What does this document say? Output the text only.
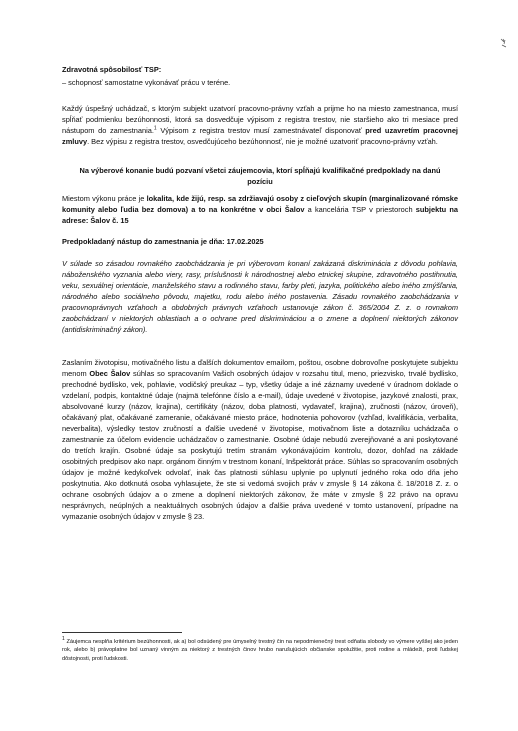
Zdravotná spôsobilosť TSP:

– schopnosť samostatne vykonávať prácu v teréne.

Každý úspešný uchádzač, s ktorým subjekt uzatvorí pracovno-právny vzťah a prijme ho na miesto zamestnanca, musí spĺňať podmienku bezúhonnosti, ktorá sa dosvedčuje výpisom z registra trestov, nie staršieho ako tri mesiace pred nástupom do zamestnania.$^1$ Výpisom z registra trestov musí zamestnávateľ disponovať pred uzavretím pracovnej zmluvy. Bez výpisu z registra trestov, osvedčujúceho bezúhonnosť, nie je možné uzatvoriť pracovno-právny vzťah.

Na výberové konanie budú pozvaní všetci záujemcovia, ktorí spĺňajú kvalifikačné predpoklady na danú pozíciu

Miestom výkonu práce je lokalita, kde žijú, resp. sa zdržiavajú osoby z cieľových skupín (marginalizované rómske komunity alebo ľudia bez domova) a to na konkrétne v obci Šalov a kancelária TSP v priestoroch subjektu na adrese: Šalov č. 15

Predpokladaný nástup do zamestnania je dňa: 17.02.2025

V súlade so zásadou rovnakého zaobchádzania je pri výberovom konaní zakázaná diskriminácia z dôvodu pohlavia, náboženského vyznania alebo viery, rasy, príslušnosti k národnostnej alebo etnickej skupine, zdravotného postihnutia, veku, sexuálnej orientácie, manželského stavu a rodinného stavu, farby pleti, jazyka, politického alebo iného zmýšľania, národného alebo sociálneho pôvodu, majetku, rodu alebo iného postavenia. Zásadu rovnakého zaobchádzania v pracovnoprávnych vzťahoch a obdobných právnych vzťahoch ustanovuje zákon č. 365/2004 Z. z. o rovnakom zaobchádzaní v niektorých oblastiach a o ochrane pred diskrimináciou a o zmene a doplnení niektorých zákonov (antidiskriminačný zákon).

Zaslaním životopisu, motivačného listu a ďalších dokumentov emailom, poštou, osobne dobrovoľne poskytujete subjektu menom Obec Šalov súhlas so spracovaním Vašich osobných údajov v rozsahu titul, meno, priezvisko, trvalé bydlisko, prechodné bydlisko, vek, pohlavie, vodičský preukaz – typ, všetky údaje a iné záznamy uvedené v úradnom doklade o vzdelaní, podpis, kontaktné údaje (najmä telefónne číslo a e-mail), údaje uvedené v životopise, jazykové znalosti, prax, absolvované kurzy (názov, krajina), certifikáty (názov, doba platnosti, vydavateľ, krajina), zručnosti (názov, úroveň), očakávaný plat, očakávané zameranie, očakávané miesto práce, hodnotenia pohovorov (vzhľad, kvalifikácia, verbalita, neverbalita), výsledky testov zručností a ďalšie uvedené v životopise, motivačnom liste a dotazníku uchádzača o zamestnanie za účelom evidencie uchádzačov o zamestnanie. Osobné údaje nebudú zverejňované a ani poskytované do tretích krajín. Osobné údaje sa poskytujú tretím stranám vykonávajúcim kontrolu, dozor, dohľad na základe osobitných predpisov ako napr. orgánom činným v trestnom konaní, Inšpektorát práce. Súhlas so spracovaním osobných údajov je možné kedykoľvek odvolať, inak čas platnosti súhlasu uplynie po uplynutí jedného roka odo dňa jeho poskytnutia. Ako dotknutá osoba vyhlasujete, že ste si vedomá svojich práv v zmysle § 14 zákona č. 18/2018 Z. z. o ochrane osobných údajov a o zmene a doplnení niektorých zákonov, že máte v zmysle § 22 právo na opravu nesprávnych, neúplných a neaktuálnych osobných údajov a ďalšie práva uvedené v tomto ustanovení, prípadne na vymazanie osobných údajov v zmysle § 23.

$^1$ Záujemca nesplňa kritérium bezúhonnosti, ak a) bol odsúdený pre úmyselný trestný čin na nepodmienečný trest odňatia slobody vo výmere vyššej ako jeden rok, alebo b) právoplatne bol uznaný vinným za niektorý z trestných činov hrubo narušujúcich občianske spolužitie, proti rodine a mládeži, proti ľudskej dôstojnosti, proti ľudskosti.
